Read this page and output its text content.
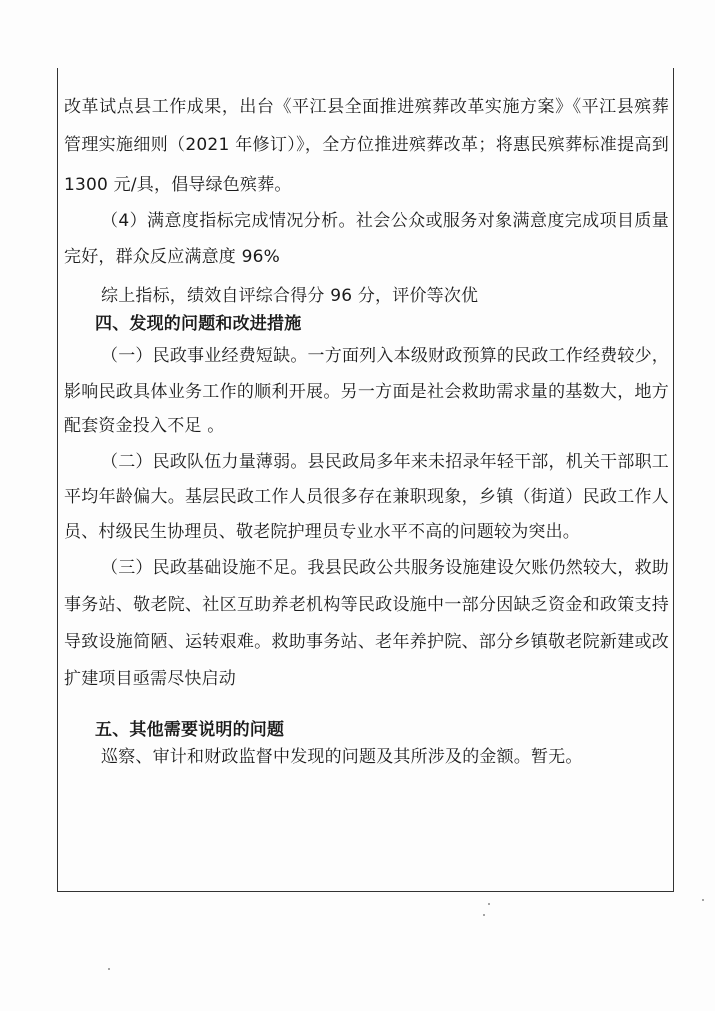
改革试点县工作成果，出台《平江县全面推进殡葬改革实施方案》《平江县殡葬
管理实施细则（2021 年修订）》，全方位推进殡葬改革；将惠民殡葬标准提高到
1300 元/具，倡导绿色殡葬。
（4）满意度指标完成情况分析。社会公众或服务对象满意度完成项目质量
完好，群众反应满意度 96%
综上指标，绩效自评综合得分 96 分，评价等次优
四、发现的问题和改进措施
（一）民政事业经费短缺。一方面列入本级财政预算的民政工作经费较少，
影响民政具体业务工作的顺利开展。另一方面是社会救助需求量的基数大，地方
配套资金投入不足 。
（二）民政队伍力量薄弱。县民政局多年来未招录年轻干部，机关干部职工
平均年龄偏大。基层民政工作人员很多存在兼职现象，乡镇（街道）民政工作人
员、村级民生协理员、敬老院护理员专业水平不高的问题较为突出。
（三）民政基础设施不足。我县民政公共服务设施建设欠账仍然较大，救助
事务站、敬老院、社区互助养老机构等民政设施中一部分因缺乏资金和政策支持
导致设施简陋、运转艰难。救助事务站、老年养护院、部分乡镇敬老院新建或改
扩建项目亟需尽快启动
五、其他需要说明的问题
巡察、审计和财政监督中发现的问题及其所涉及的金额。暂无。
